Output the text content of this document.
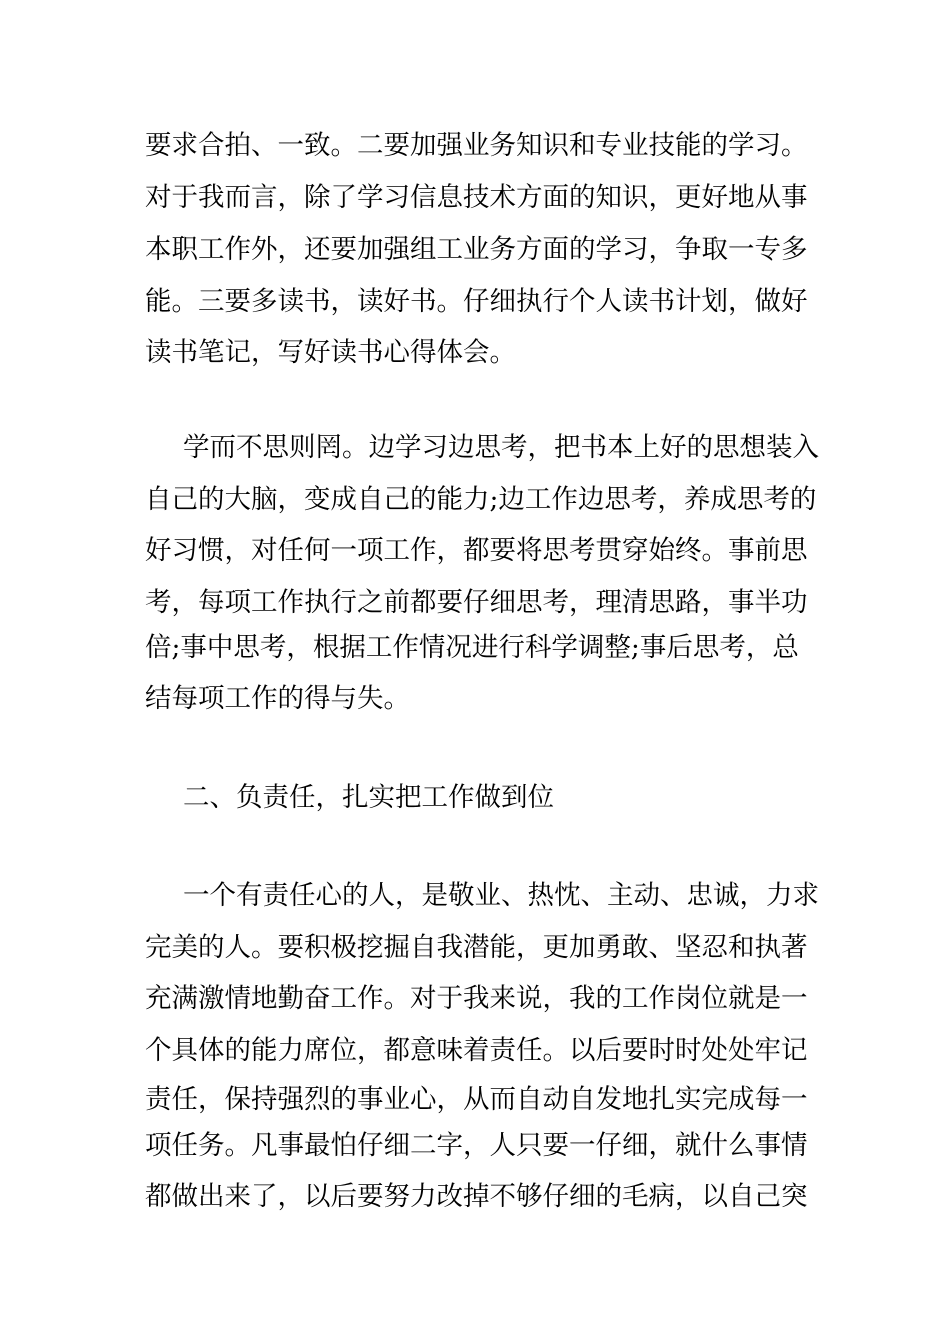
要求合拍、一致。二要加强业务知识和专业技能的学习。
对于我而言，除了学习信息技术方面的知识，更好地从事
本职工作外，还要加强组工业务方面的学习，争取一专多
能。三要多读书，读好书。仔细执行个人读书计划，做好
读书笔记，写好读书心得体会。
学而不思则罔。边学习边思考，把书本上好的思想装入
自己的大脑，变成自己的能力;边工作边思考，养成思考的
好习惯，对任何一项工作，都要将思考贯穿始终。事前思
考，每项工作执行之前都要仔细思考，理清思路，事半功
倍;事中思考，根据工作情况进行科学调整;事后思考，总
结每项工作的得与失。
二、负责任，扎实把工作做到位
一个有责任心的人，是敬业、热忱、主动、忠诚，力求
完美的人。要积极挖掘自我潜能，更加勇敢、坚忍和执著
充满激情地勤奋工作。对于我来说，我的工作岗位就是一
个具体的能力席位，都意味着责任。以后要时时处处牢记
责任，保持强烈的事业心，从而自动自发地扎实完成每一
项任务。凡事最怕仔细二字，人只要一仔细，就什么事情
都做出来了，以后要努力改掉不够仔细的毛病，以自己突
